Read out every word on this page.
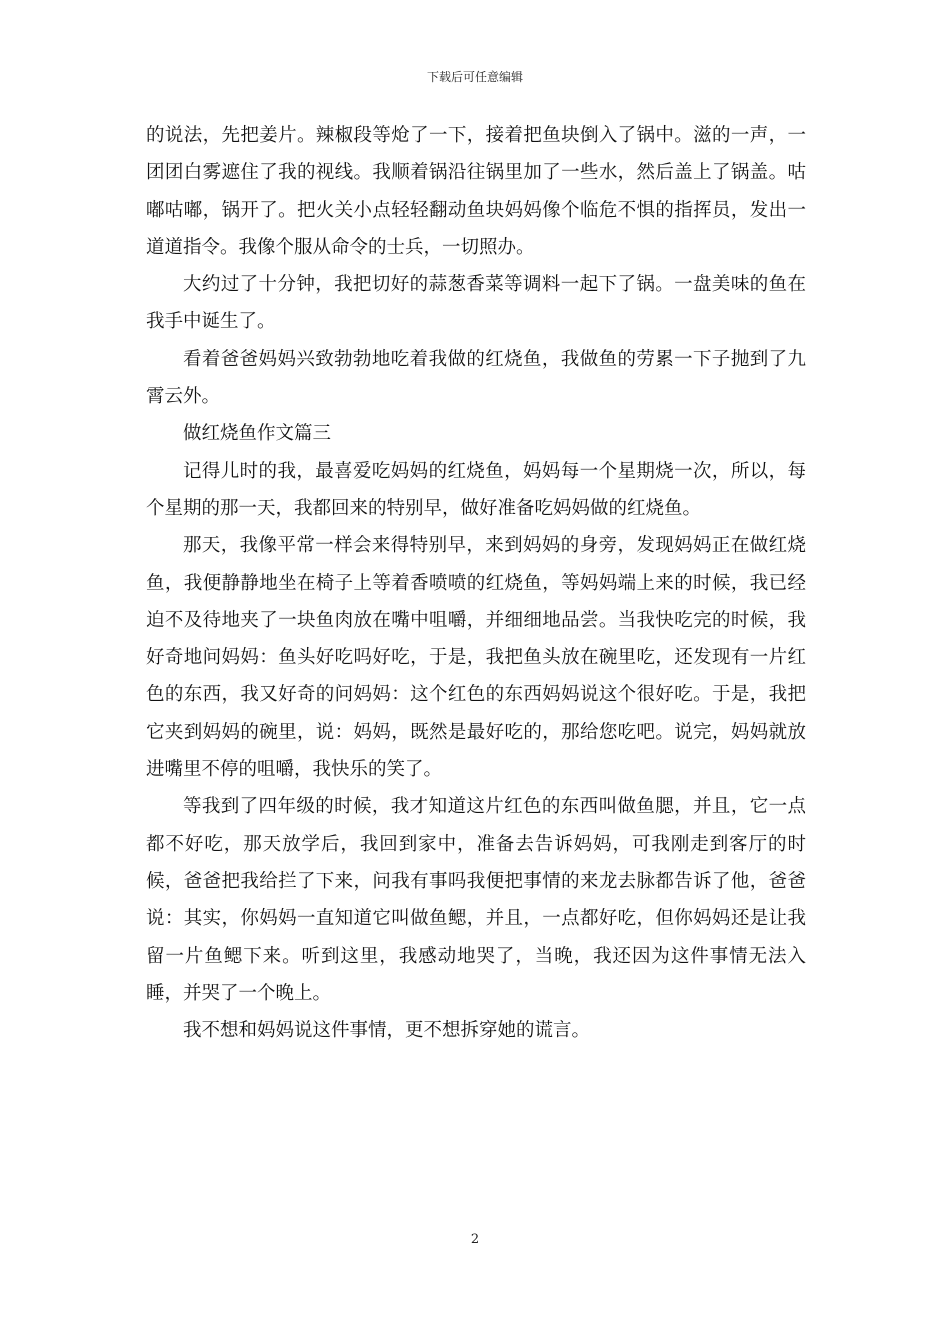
下载后可任意编辑

的说法，先把姜片。辣椒段等炝了一下，接着把鱼块倒入了锅中。滋的一声，一团团白雾遮住了我的视线。我顺着锅沿往锅里加了一些水，然后盖上了锅盖。咕嘟咕嘟，锅开了。把火关小点轻轻翻动鱼块妈妈像个临危不惧的指挥员，发出一道道指令。我像个服从命令的士兵，一切照办。

大约过了十分钟，我把切好的蒜葱香菜等调料一起下了锅。一盘美味的鱼在我手中诞生了。

看着爸爸妈妈兴致勃勃地吃着我做的红烧鱼，我做鱼的劳累一下子抛到了九霄云外。

做红烧鱼作文篇三

记得儿时的我，最喜爱吃妈妈的红烧鱼，妈妈每一个星期烧一次，所以，每个星期的那一天，我都回来的特别早，做好准备吃妈妈做的红烧鱼。

那天，我像平常一样会来得特别早，来到妈妈的身旁，发现妈妈正在做红烧鱼，我便静静地坐在椅子上等着香喷喷的红烧鱼，等妈妈端上来的时候，我已经迫不及待地夹了一块鱼肉放在嘴中咀嚼，并细细地品尝。当我快吃完的时候，我好奇地问妈妈：鱼头好吃吗好吃，于是，我把鱼头放在碗里吃，还发现有一片红色的东西，我又好奇的问妈妈：这个红色的东西妈妈说这个很好吃。于是，我把它夹到妈妈的碗里，说：妈妈，既然是最好吃的，那给您吃吧。说完，妈妈就放进嘴里不停的咀嚼，我快乐的笑了。

等我到了四年级的时候，我才知道这片红色的东西叫做鱼腮，并且，它一点都不好吃，那天放学后，我回到家中，准备去告诉妈妈，可我刚走到客厅的时候，爸爸把我给拦了下来，问我有事吗我便把事情的来龙去脉都告诉了他，爸爸说：其实，你妈妈一直知道它叫做鱼鳃，并且，一点都好吃，但你妈妈还是让我留一片鱼鳃下来。听到这里，我感动地哭了，当晚，我还因为这件事情无法入睡，并哭了一个晚上。

我不想和妈妈说这件事情，更不想拆穿她的谎言。

2
